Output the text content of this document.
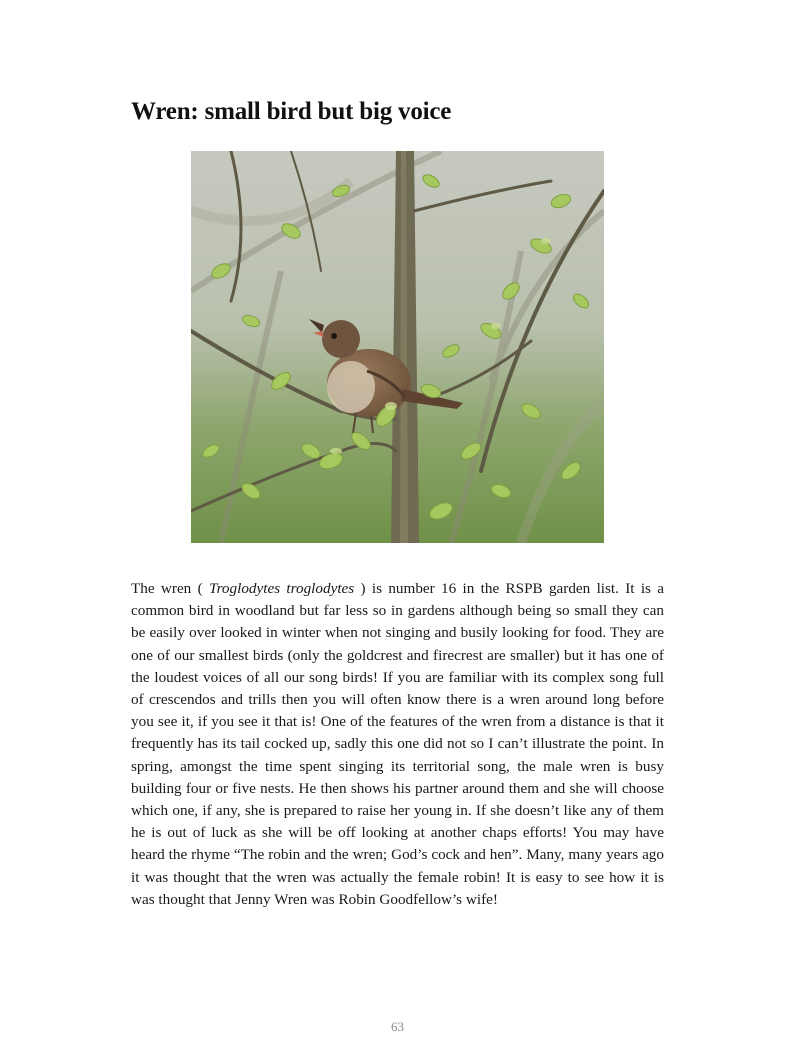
Wren: small bird but big voice

The wren ( Troglodytes troglodytes ) is number 16 in the RSPB garden list. It is a common bird in woodland but far less so in gardens although being so small they can be easily over looked in winter when not singing and busily looking for food. They are one of our smallest birds (only the goldcrest and firecrest are smaller) but it has one of the loudest voices of all our song birds! If you are familiar with its complex song full of crescendos and trills then you will often know there is a wren around long before you see it, if you see it that is! One of the features of the wren from a distance is that it frequently has its tail cocked up, sadly this one did not so I can’t illustrate the point. In spring, amongst the time spent singing its territorial song, the male wren is busy building four or five nests. He then shows his partner around them and she will choose which one, if any, she is prepared to raise her young in. If she doesn’t like any of them he is out of luck as she will be off looking at another chaps efforts! You may have heard the rhyme “The robin and the wren; God’s cock and hen”. Many, many years ago it was thought that the wren was actually the female robin! It is easy to see how it is was thought that Jenny Wren was Robin Goodfellow’s wife!

63
